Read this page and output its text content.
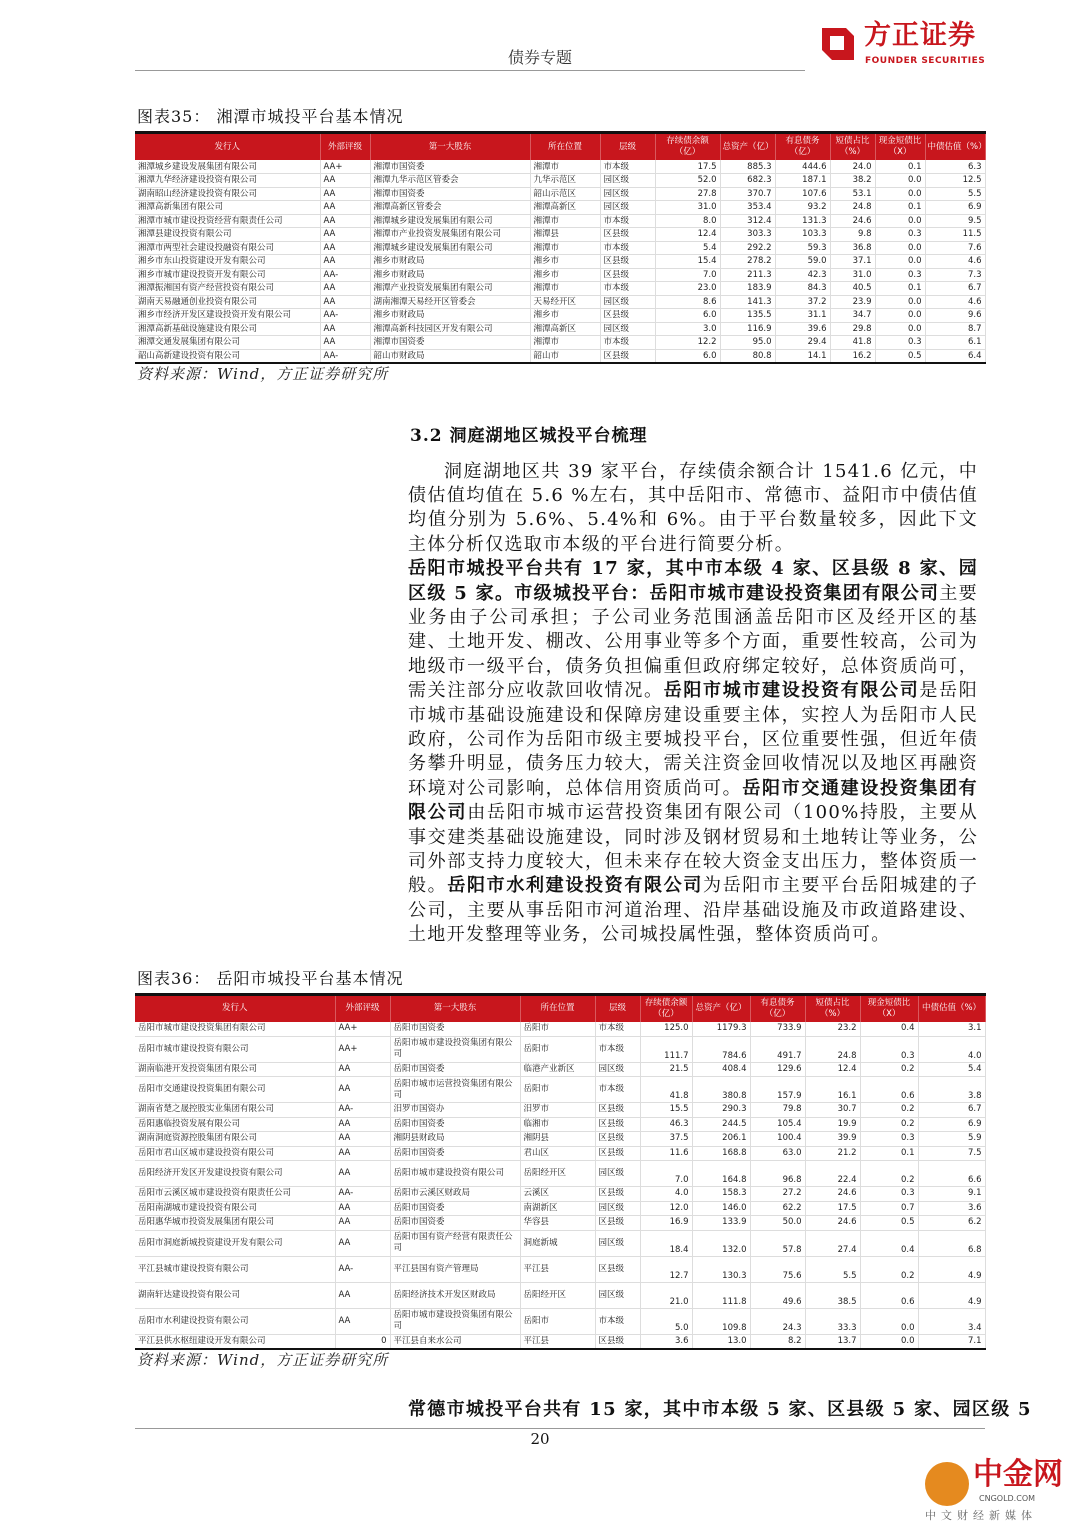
债券专题
方正证券
FOUNDER SECURITIES
图表35： 湘潭市城投平台基本情况
发行人	外部评级	第一大股东	所在位置	层级	存续债余额（亿）	总资产（亿）	有息债务（亿）	短债占比（%）	现金短债比（X）	中债估值（%）
湘潭城乡建设发展集团有限公司	AA+	湘潭市国资委	湘潭市	市本级	17.5	885.3	444.6	24.0	0.1	6.3
湘潭九华经济建设投资有限公司	AA	湘潭九华示范区管委会	九华示范区	园区级	52.0	682.3	187.1	38.2	0.0	12.5
湖南昭山经济建设投资有限公司	AA	湘潭市国资委	韶山示范区	园区级	27.8	370.7	107.6	53.1	0.0	5.5
湘潭高新集团有限公司	AA	湘潭高新区管委会	湘潭高新区	园区级	31.0	353.4	93.2	24.8	0.1	6.9
湘潭市城市建设投资经营有限责任公司	AA	湘潭城乡建设发展集团有限公司	湘潭市	市本级	8.0	312.4	131.3	24.6	0.0	9.5
湘潭县建设投资有限公司	AA	湘潭市产业投资发展集团有限公司	湘潭县	区县级	12.4	303.3	103.3	9.8	0.3	11.5
湘潭市两型社会建设投融资有限公司	AA	湘潭城乡建设发展集团有限公司	湘潭市	市本级	5.4	292.2	59.3	36.8	0.0	7.6
湘乡市东山投资建设开发有限公司	AA	湘乡市财政局	湘乡市	区县级	15.4	278.2	59.0	37.1	0.0	4.6
湘乡市城市建设投资开发有限公司	AA-	湘乡市财政局	湘乡市	区县级	7.0	211.3	42.3	31.0	0.3	7.3
湘潭振湘国有资产经营投资有限公司	AA	湘潭产业投资发展集团有限公司	湘潭市	市本级	23.0	183.9	84.3	40.5	0.1	6.7
湖南天易融通创业投资有限公司	AA	湖南湘潭天易经开区管委会	天易经开区	园区级	8.6	141.3	37.2	23.9	0.0	4.6
湘乡市经济开发区建设投资开发有限公司	AA-	湘乡市财政局	湘乡市	区县级	6.0	135.5	31.1	34.7	0.0	9.6
湘潭高新基础设施建设有限公司	AA	湘潭高新科技园区开发有限公司	湘潭高新区	园区级	3.0	116.9	39.6	29.8	0.0	8.7
湘潭交通发展集团有限公司	AA	湘潭市国资委	湘潭市	市本级	12.2	95.0	29.4	41.8	0.3	6.1
韶山高新建设投资有限公司	AA-	韶山市财政局	韶山市	区县级	6.0	80.8	14.1	16.2	0.5	6.4
资料来源：Wind，方正证券研究所
3.2 洞庭湖地区城投平台梳理

洞庭湖地区共 39 家平台，存续债余额合计 1541.6 亿元，中债估值均值在 5.6 %左右，其中岳阳市、常德市、益阳市中债估值均值分别为 5.6%、5.4%和 6%。由于平台数量较多，因此下文主体分析仅选取市本级的平台进行简要分析。

岳阳市城投平台共有 17 家，其中市本级 4 家、区县级 8 家、园区级 5 家。市级城投平台：岳阳市城市建设投资集团有限公司主要业务由子公司承担；子公司业务范围涵盖岳阳市区及经开区的基建、土地开发、棚改、公用事业等多个方面，重要性较高，公司为地级市一级平台，债务负担偏重但政府绑定较好，总体资质尚可，需关注部分应收款回收情况。岳阳市城市建设投资有限公司是岳阳市城市基础设施建设和保障房建设重要主体，实控人为岳阳市人民政府，公司作为岳阳市级主要城投平台，区位重要性强，但近年债务攀升明显，债务压力较大，需关注资金回收情况以及地区再融资环境对公司影响，总体信用资质尚可。岳阳市交通建设投资集团有限公司由岳阳市城市运营投资集团有限公司（100%持股，主要从事交建类基础设施建设，同时涉及钢材贸易和土地转让等业务，公司外部支持力度较大，但未来存在较大资金支出压力，整体资质一般。岳阳市水利建设投资有限公司为岳阳市主要平台岳阳城建的子公司，主要从事岳阳市河道治理、沿岸基础设施及市政道路建设、土地开发整理等业务，公司城投属性强，整体资质尚可。

图表36： 岳阳市城投平台基本情况
发行人	外部评级	第一大股东	所在位置	层级	存续债余额（亿）	总资产（亿）	有息债务（亿）	短债占比（%）	现金短债比（X）	中债估值（%）
岳阳市城市建设投资集团有限公司	AA+	岳阳市国资委	岳阳市	市本级	125.0	1179.3	733.9	23.2	0.4	3.1
岳阳市城市建设投资有限公司	AA+	岳阳市城市建设投资集团有限公司	岳阳市	市本级	111.7	784.6	491.7	24.8	0.3	4.0
湖南临港开发投资集团有限公司	AA	岳阳市国资委	临港产业新区	园区级	21.5	408.4	129.6	12.4	0.2	5.4
岳阳市交通建设投资集团有限公司	AA	岳阳市城市运营投资集团有限公司	岳阳市	市本级	41.8	380.8	157.9	16.1	0.6	3.8
湖南省楚之晟控股实业集团有限公司	AA-	汨罗市国资办	汨罗市	区县级	15.5	290.3	79.8	30.7	0.2	6.7
岳阳惠临投资发展有限公司	AA	岳阳市国资委	临湘市	区县级	46.3	244.5	105.4	19.9	0.2	6.9
湖南洞庭资源控股集团有限公司	AA	湘阴县财政局	湘阴县	区县级	37.5	206.1	100.4	39.9	0.3	5.9
岳阳市君山区城市建设投资有限公司	AA	岳阳市国资委	君山区	区县级	11.6	168.8	63.0	21.2	0.1	7.5
岳阳经济开发区开发建设投资有限公司	AA	岳阳市城市建设投资有限公司	岳阳经开区	园区级	7.0	164.8	96.8	22.4	0.2	6.6
岳阳市云溪区城市建设投资有限责任公司	AA-	岳阳市云溪区财政局	云溪区	区县级	4.0	158.3	27.2	24.6	0.3	9.1
岳阳南湖城市建设投资有限公司	AA	岳阳市国资委	南湖新区	园区级	12.0	146.0	62.2	17.5	0.7	3.6
岳阳惠华城市投资发展集团有限公司	AA	岳阳市国资委	华容县	区县级	16.9	133.9	50.0	24.6	0.5	6.2
岳阳市洞庭新城投资建设开发有限公司	AA	岳阳市国有资产经营有限责任公司	洞庭新城	园区级	18.4	132.0	57.8	27.4	0.4	6.8
平江县城市建设投资有限公司	AA-	平江县国有资产管理局	平江县	区县级	12.7	130.3	75.6	5.5	0.2	4.9
湖南轩达建设投资有限公司	AA	岳阳经济技术开发区财政局	岳阳经开区	园区级	21.0	111.8	49.6	38.5	0.6	4.9
岳阳市水利建设投资有限公司	AA	岳阳市城市建设投资集团有限公司	岳阳市	市本级	5.0	109.8	24.3	33.3	0.0	3.4
平江县供水枢纽建设开发有限公司	0	平江县自来水公司	平江县	区县级	3.6	13.0	8.2	13.7	0.0	7.1
资料来源：Wind，方正证券研究所
常德市城投平台共有 15 家，其中市本级 5 家、区县级 5 家、园区级 5
20
中金网
CNGOLD.COM
中文财经新媒体
